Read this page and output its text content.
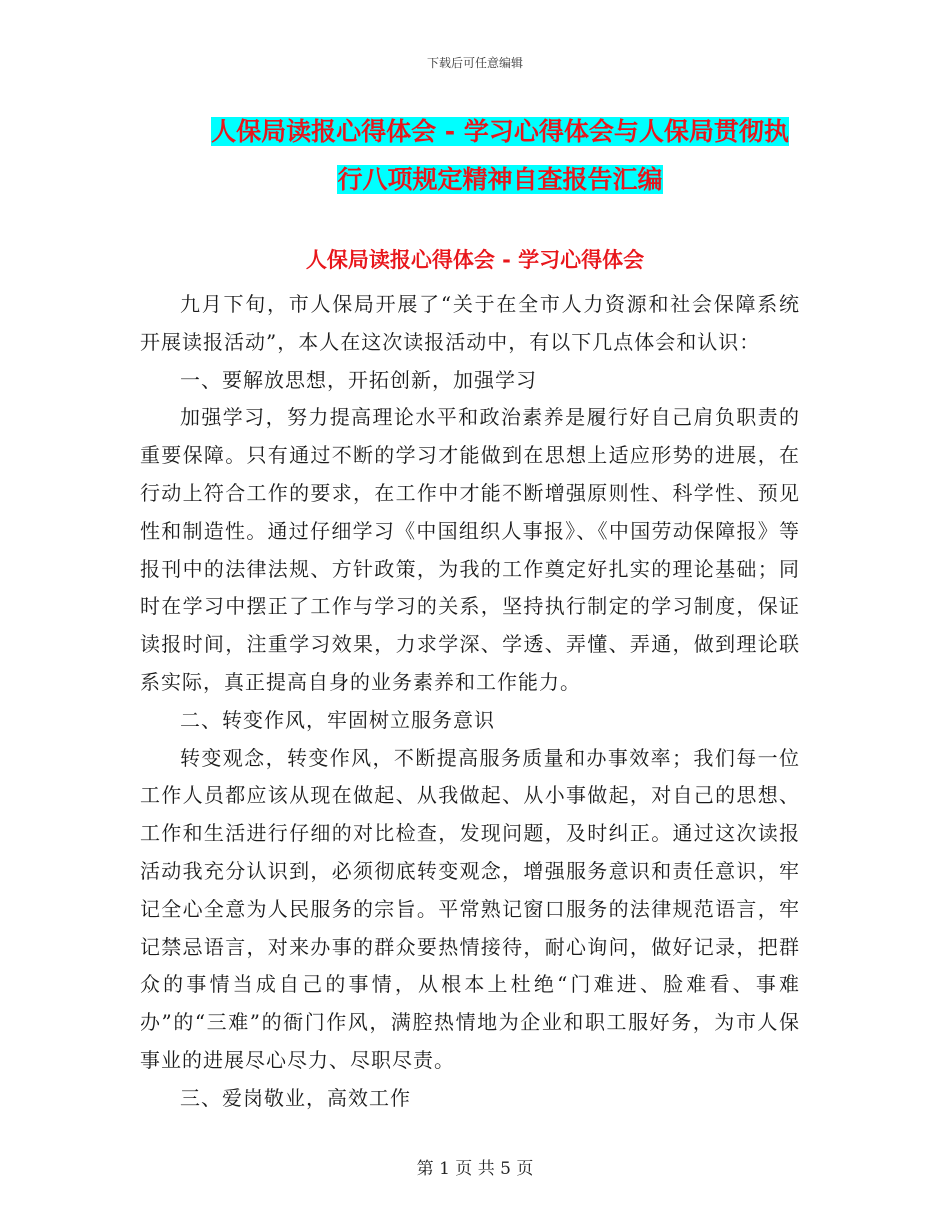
下载后可任意编辑
人保局读报心得体会 - 学习心得体会与人保局贯彻执
行八项规定精神自查报告汇编
人保局读报心得体会 - 学习心得体会

九月下旬，市人保局开展了“关于在全市人力资源和社会保障系统开展读报活动”，本人在这次读报活动中，有以下几点体会和认识：

一、要解放思想，开拓创新，加强学习

加强学习，努力提高理论水平和政治素养是履行好自己肩负职责的重要保障。只有通过不断的学习才能做到在思想上适应形势的进展，在行动上符合工作的要求，在工作中才能不断增强原则性、科学性、预见性和制造性。通过仔细学习《中国组织人事报》、《中国劳动保障报》等报刊中的法律法规、方针政策，为我的工作奠定好扎实的理论基础；同时在学习中摆正了工作与学习的关系，坚持执行制定的学习制度，保证读报时间，注重学习效果，力求学深、学透、弄懂、弄通，做到理论联系实际，真正提高自身的业务素养和工作能力。

二、转变作风，牢固树立服务意识

转变观念，转变作风，不断提高服务质量和办事效率；我们每一位工作人员都应该从现在做起、从我做起、从小事做起，对自己的思想、工作和生活进行仔细的对比检查，发现问题，及时纠正。通过这次读报活动我充分认识到，必须彻底转变观念，增强服务意识和责任意识，牢记全心全意为人民服务的宗旨。平常熟记窗口服务的法律规范语言，牢记禁忌语言，对来办事的群众要热情接待，耐心询问，做好记录，把群众的事情当成自己的事情，从根本上杜绝“门难进、脸难看、事难办”的“三难”的衙门作风，满腔热情地为企业和职工服好务，为市人保事业的进展尽心尽力、尽职尽责。

三、爱岗敬业，高效工作

第 1 页 共 5 页
